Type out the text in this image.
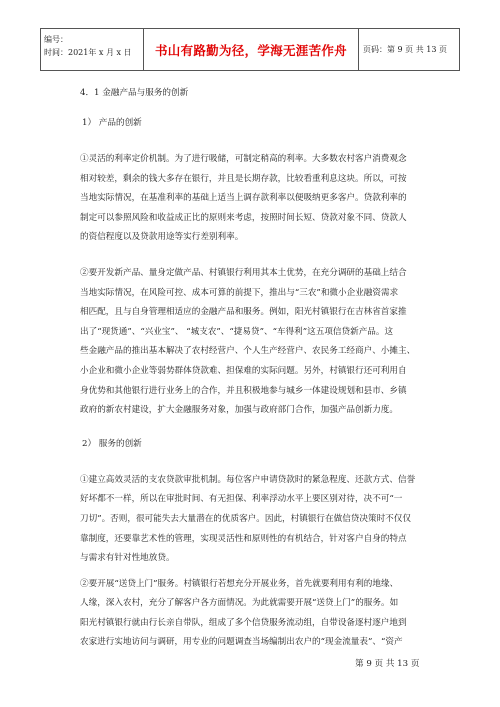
编号：
时间：2021年 x 月 x 日	书山有路勤为径，学海无涯苦作舟	页码：第 9 页 共 13 页
4．1 金融产品与服务的创新
1） 产品的创新
①灵活的利率定价机制。为了进行吸储，可制定稍高的利率。大多数农村客户消费观念
相对较差，剩余的钱大多存在银行，并且是长期存款，比较看重利息这块。所以，可按
当地实际情况，在基准利率的基础上适当上调存款利率以便吸纳更多客户。贷款利率的
制定可以参照风险和收益成正比的原则来考虑，按照时间长短、贷款对象不同、贷款人
的资信程度以及贷款用途等实行差别利率。
②要开发新产品、量身定做产品、村镇银行利用其本土优势，在充分调研的基础上结合
当地实际情况，在风险可控、成本可算的前提下，推出与“三农”和微小企业融资需求
相匹配，且与自身管理相适应的金融产品和服务。例如，阳光村镇银行在吉林省首家推
出了“现货通”、“兴业宝”、 “城支农”、“捷易贷”、“车得利”这五项信贷新产品。这
些金融产品的推出基本解决了农村经营户、个人生产经营户、农民务工经商户、小摊主、
小企业和微小企业等弱势群体贷款难、担保难的实际问题。另外，村镇银行还可利用自
身优势和其他银行进行业务上的合作，并且积极地参与城乡一体建设规划和县市、乡镇
政府的新农村建设，扩大金融服务对象，加强与政府部门合作，加强产品创新力度。
2） 服务的创新
①建立高效灵活的支农贷款审批机制。每位客户申请贷款时的紧急程度、还款方式、信誉
好坏都不一样，所以在审批时间、有无担保、利率浮动水平上要区别对待，决不可“一
刀切”。否则，很可能失去大量潜在的优质客户。因此，村镇银行在做信贷决策时不仅仅
靠制度，还要靠艺术性的管理，实现灵活性和原则性的有机结合，针对客户自身的特点
与需求有针对性地放贷。
②要开展“送贷上门”服务。村镇银行若想充分开展业务，首先就要利用有利的地缘、
人缘，深入农村，充分了解客户各方面情况。为此就需要开展“送贷上门”的服务。如
阳光村镇银行就由行长亲自带队，组成了多个信贷服务流动组，自带设备逐村逐户地到
农家进行实地访问与调研，用专业的问题调查当场编制出农户的“现金流量表”、“资产
第 9 页 共 13 页
